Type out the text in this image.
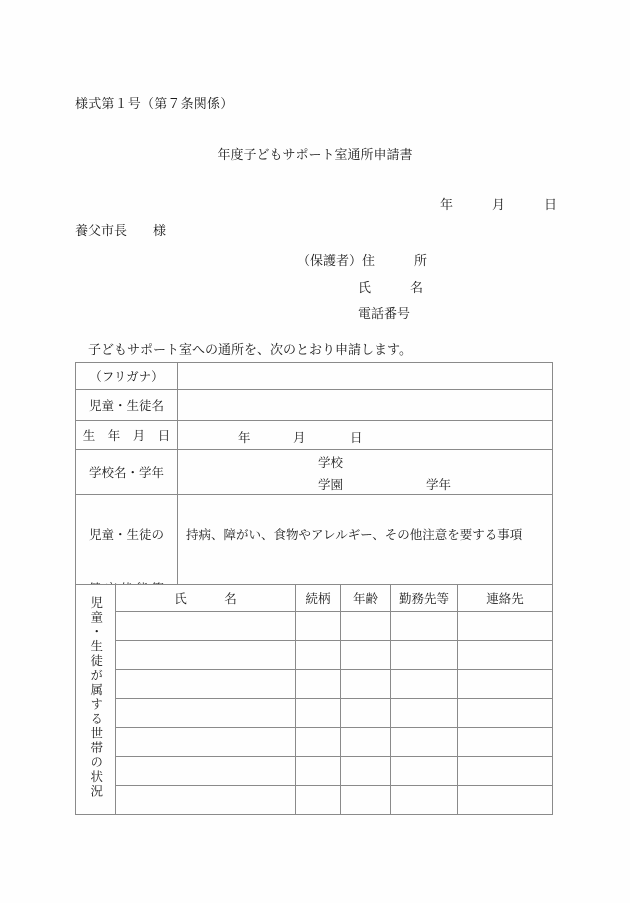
様式第１号（第７条関係）
年度子どもサポート室通所申請書
年　　　月　　　日
養父市長　　様
（保護者）住　　　所
氏　　　名
電話番号
子どもサポート室への通所を、次のとおり申請します。
（フリガナ）	
児童・生徒名	
生　年　月　日	年 月 日

学校名・学年	学校
学園 学年

児童・生徒の	持病、障がい、食物やアレルギー、その他注意を要する事項
児童・生徒が属する世帯の状況	氏　　　名	続柄	年齢	勤務先等	連絡先
